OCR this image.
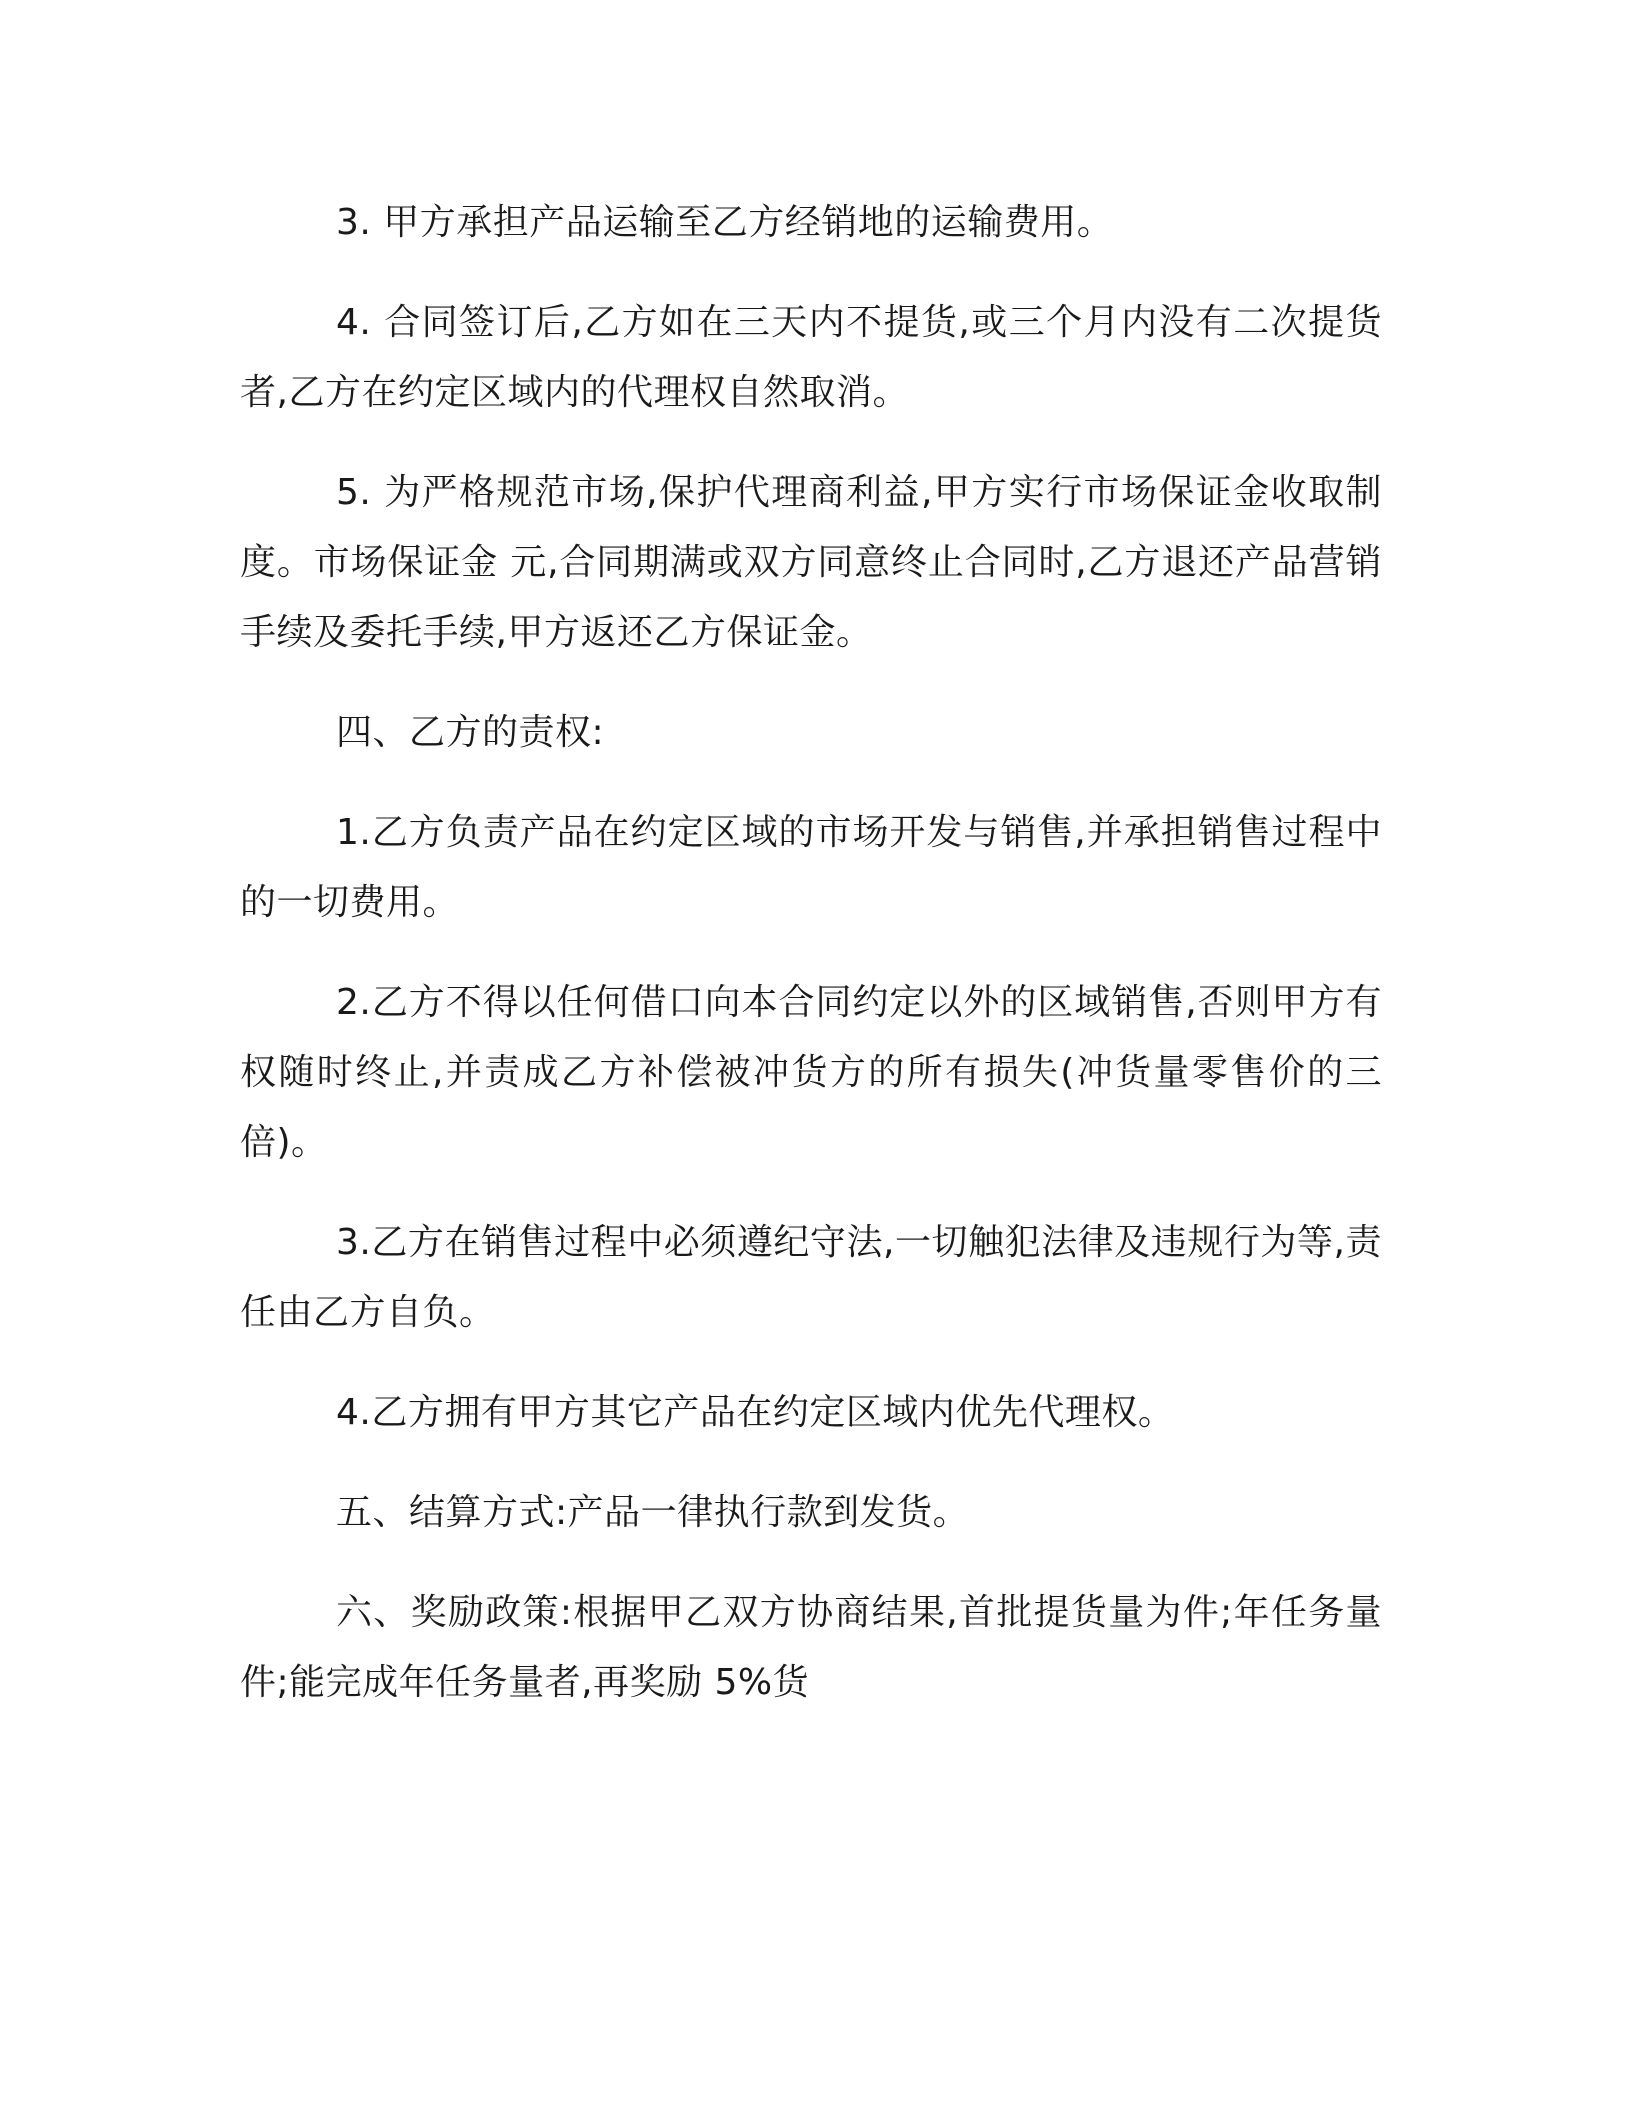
3. 甲方承担产品运输至乙方经销地的运输费用。

4. 合同签订后,乙方如在三天内不提货,或三个月内没有二次提货者,乙方在约定区域内的代理权自然取消。

5. 为严格规范市场,保护代理商利益,甲方实行市场保证金收取制度。市场保证金 元,合同期满或双方同意终止合同时,乙方退还产品营销手续及委托手续,甲方返还乙方保证金。

四、乙方的责权:

1.乙方负责产品在约定区域的市场开发与销售,并承担销售过程中的一切费用。

2.乙方不得以任何借口向本合同约定以外的区域销售,否则甲方有权随时终止,并责成乙方补偿被冲货方的所有损失(冲货量零售价的三倍)。

3.乙方在销售过程中必须遵纪守法,一切触犯法律及违规行为等,责任由乙方自负。

4.乙方拥有甲方其它产品在约定区域内优先代理权。

五、结算方式:产品一律执行款到发货。

六、奖励政策:根据甲乙双方协商结果,首批提货量为件;年任务量件;能完成年任务量者,再奖励 5%货
